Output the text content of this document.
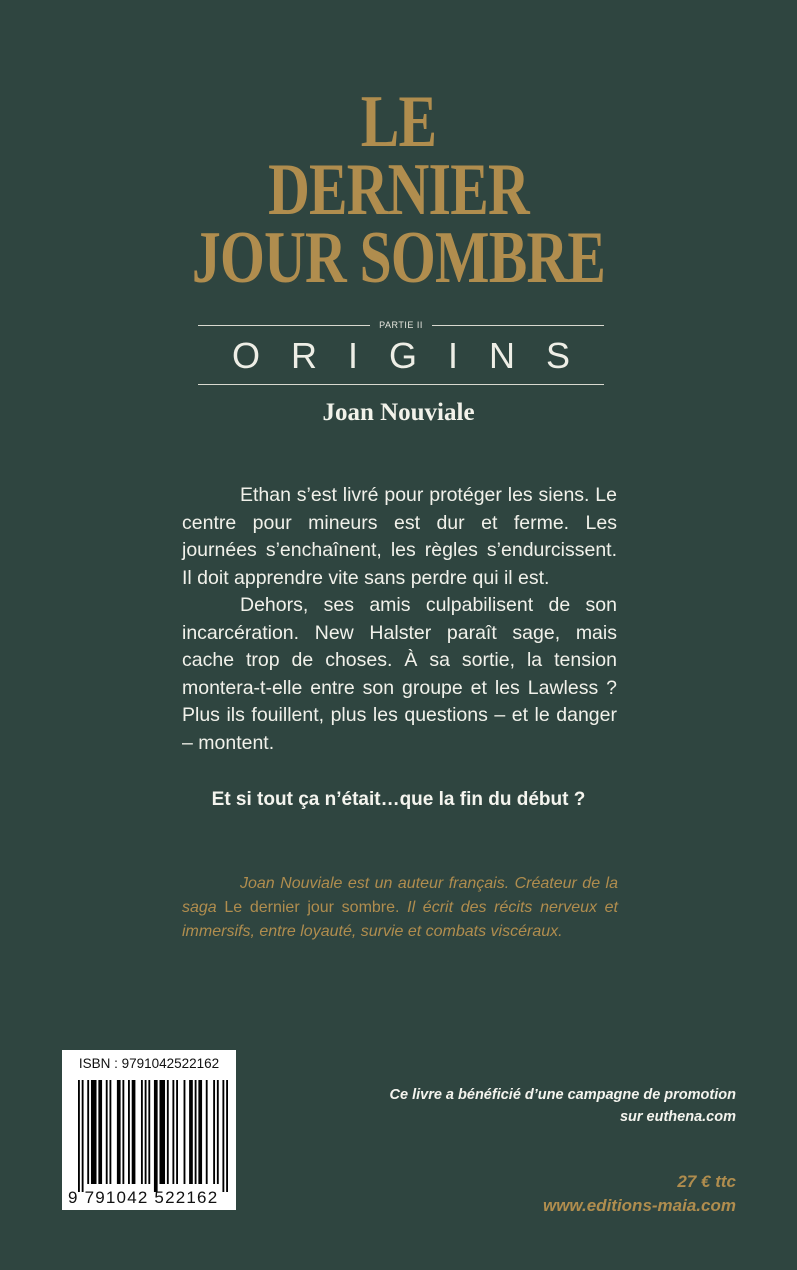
LE
DERNIER
JOUR SOMBRE
PARTIE II
ORIGINS
Joan Nouviale

Ethan s’est livré pour protéger les siens. Le centre pour mineurs est dur et ferme. Les journées s’enchaînent, les règles s’endurcissent. Il doit apprendre vite sans perdre qui il est.

Dehors, ses amis culpabilisent de son incarcération. New Halster paraît sage, mais cache trop de choses. À sa sortie, la tension montera-t-elle entre son groupe et les Lawless ? Plus ils fouillent, plus les questions – et le danger – montent.

Et si tout ça n’était…que la fin du début ?
Joan Nouviale est un auteur français. Créateur de la saga Le dernier jour sombre. Il écrit des récits nerveux et immersifs, entre loyauté, survie et combats viscéraux.
ISBN : 9791042522162
9 791042 522162
Ce livre a bénéficié d’une campagne de promotion
sur euthena.com
27 € ttc
www.editions-maia.com
